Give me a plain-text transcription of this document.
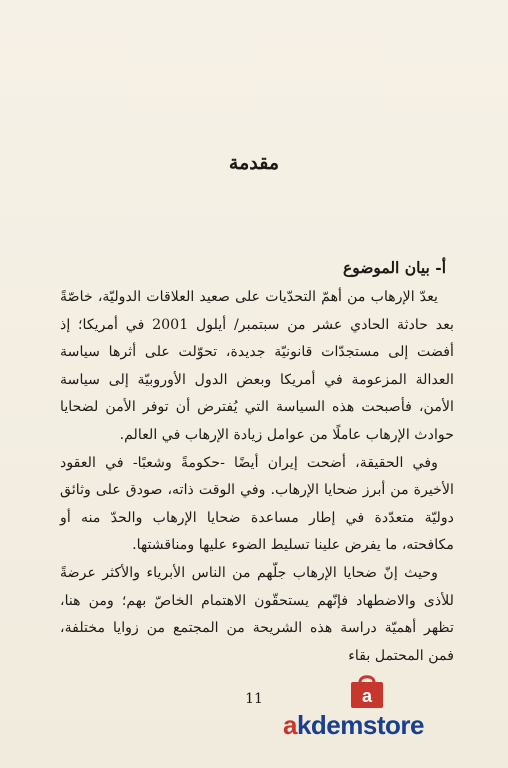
مقدمة
أ- بيان الموضوع

يعدّ الإرهاب من أهمّ التحدّيات على صعيد العلاقات الدوليّة، خاصّةً بعد حادثة الحادي عشر من سبتمبر/ أيلول 2001 في أمريكا؛ إذ أفضت إلى مستجدّات قانونيّة جديدة، تحوّلت على أثرها سياسة العدالة المزعومة في أمريكا وبعض الدول الأوروبيّة إلى سياسة الأمن، فأصبحت هذه السياسة التي يُفترض أن توفر الأمن لضحايا حوادث الإرهاب عاملًا من عوامل زيادة الإرهاب في العالم.

وفي الحقيقة، أضحت إيران أيضًا -حكومةً وشعبًا- في العقود الأخيرة من أبرز ضحايا الإرهاب. وفي الوقت ذاته، صودق على وثائق دوليّة متعدّدة في إطار مساعدة ضحايا الإرهاب والحدّ منه أو مكافحته، ما يفرض علينا تسليط الضوء عليها ومناقشتها.

وحيث إنّ ضحايا الإرهاب جلّهم من الناس الأبرياء والأكثر عرضةً للأذى والاضطهاد فإنّهم يستحقّون الاهتمام الخاصّ بهم؛ ومن هنا، تظهر أهميّة دراسة هذه الشريحة من المجتمع من زوايا مختلفة، فمن المحتمل بقاء

11	a
akdemstore
